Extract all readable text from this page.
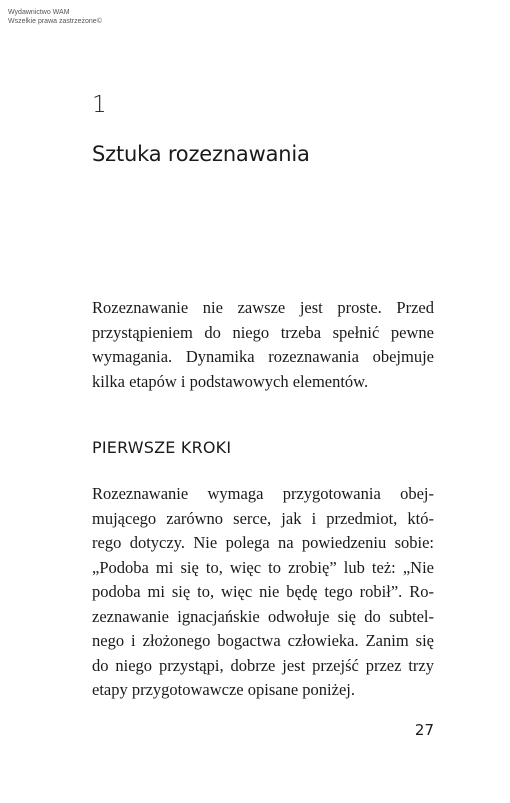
Wydawnictwo WAM
Wszelkie prawa zastrzeżone©
1
Sztuka rozeznawania
Rozeznawanie nie zawsze jest proste. Przed
przystąpieniem do niego trzeba spełnić pewne
wymagania. Dynamika rozeznawania obejmuje
kilka etapów i podstawowych elementów.
PIERWSZE KROKI
Rozeznawanie wymaga przygotowania obej-
mującego zarówno serce, jak i przedmiot, któ-
rego dotyczy. Nie polega na powiedzeniu sobie:
„Podoba mi się to, więc to zrobię” lub też: „Nie
podoba mi się to, więc nie będę tego robił”. Ro-
zeznawanie ignacjańskie odwołuje się do subtel-
nego i złożonego bogactwa człowieka. Zanim się
do niego przystąpi, dobrze jest przejść przez trzy
etapy przygotowawcze opisane poniżej.
27
